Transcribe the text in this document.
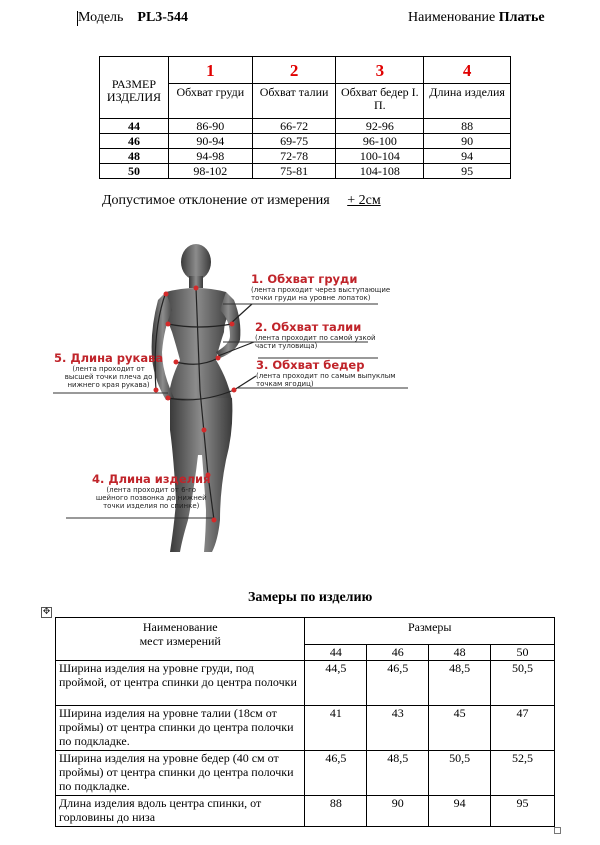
Модель PL3-544	Наименование Платье
РАЗМЕР ИЗДЕЛИЯ	1	2	3	4
	Обхват груди	Обхват талии	Обхват бедер I. П.	Длина изделия
44	86-90	66-72	92-96	88
46	90-94	69-75	96-100	90
48	94-98	72-78	100-104	94
50	98-102	75-81	104-108	95
Допустимое отклонение от измерения + 2см
1. Обхват груди
(лента проходит через выступающие
точки груди на уровне лопаток)
2. Обхват талии
(лента проходит по самой узкой
части туловища)
3. Обхват бедер
(лента проходит по самым выпуклым
точкам ягодиц)
4. Длина изделия
(лента проходит от 6-го
шейного позвонка до нижней
точки изделия по спинке)
5. Длина рукава
(лента проходит от
высшей точки плеча до
нижнего края рукава)
Замеры по изделию
✥
Наименование
мест измерений	Размеры			
	44	46	48	50
Ширина изделия на уровне груди, под проймой, от центра спинки до центра полочки	44,5	46,5	48,5	50,5
Ширина изделия на уровне талии (18см от проймы) от центра спинки до центра полочки по подкладке.	41	43	45	47
Ширина изделия на уровне бедер (40 см от проймы) от центра спинки до центра полочки по подкладке.	46,5	48,5	50,5	52,5
Длина изделия вдоль центра спинки, от горловины до низа	88	90	94	95
